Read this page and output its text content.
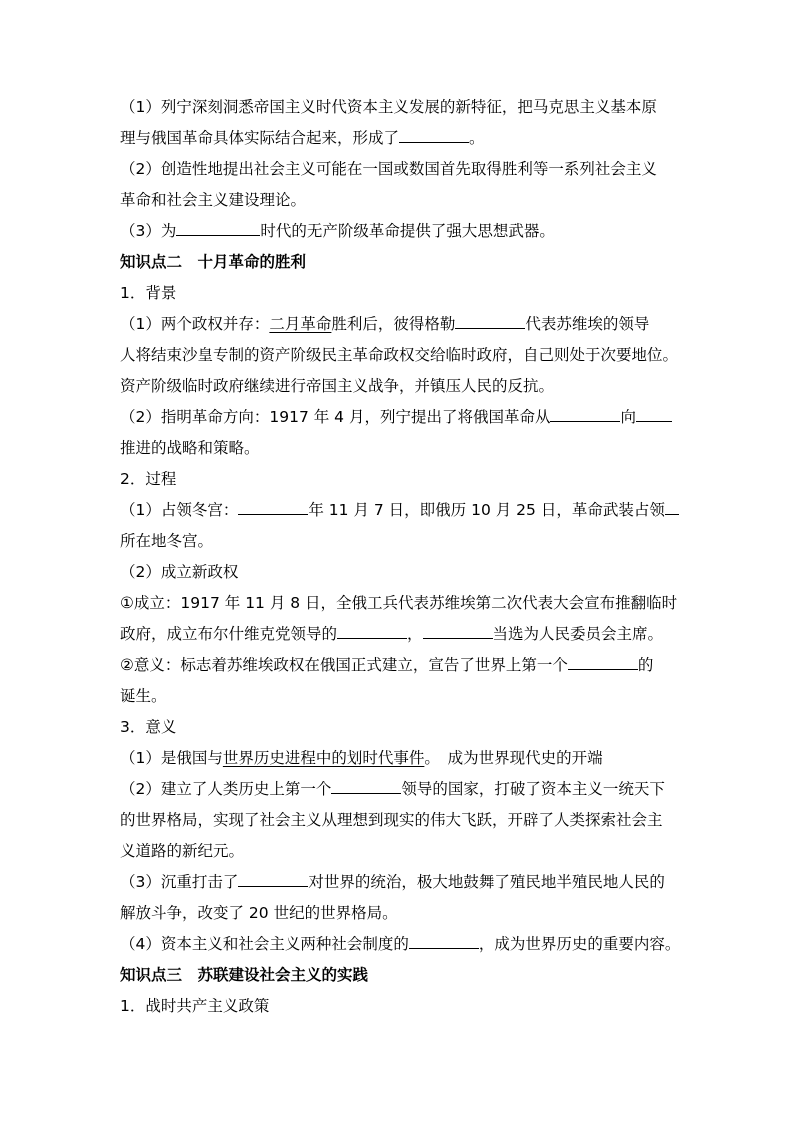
（1）列宁深刻洞悉帝国主义时代资本主义发展的新特征，把马克思主义基本原
理与俄国革命具体实际结合起来，形成了	。
（2）创造性地提出社会主义可能在一国或数国首先取得胜利等一系列社会主义
革命和社会主义建设理论。
（3）为	时代的无产阶级革命提供了强大思想武器。
知识点二　十月革命的胜利
1．背景
（1）两个政权并存：二月革命胜利后，彼得格勒	代表苏维埃的领导
人将结束沙皇专制的资产阶级民主革命政权交给临时政府，自己则处于次要地位。
资产阶级临时政府继续进行帝国主义战争，并镇压人民的反抗。
（2）指明革命方向：1917 年 4 月，列宁提出了将俄国革命从	向
推进的战略和策略。
2．过程
（1）占领冬宫：	年 11 月 7 日，即俄历 10 月 25 日，革命武装占领
所在地冬宫。
（2）成立新政权
①成立：1917 年 11 月 8 日，全俄工兵代表苏维埃第二次代表大会宣布推翻临时
政府，成立布尔什维克党领导的	，	当选为人民委员会主席。
②意义：标志着苏维埃政权在俄国正式建立，宣告了世界上第一个	的
诞生。
3．意义
（1）是俄国与世界历史进程中的划时代事件。　成为世界现代史的开端
（2）建立了人类历史上第一个	领导的国家，打破了资本主义一统天下
的世界格局，实现了社会主义从理想到现实的伟大飞跃，开辟了人类探索社会主
义道路的新纪元。
（3）沉重打击了	对世界的统治，极大地鼓舞了殖民地半殖民地人民的
解放斗争，改变了 20 世纪的世界格局。
（4）资本主义和社会主义两种社会制度的	，成为世界历史的重要内容。
知识点三　苏联建设社会主义的实践
1．战时共产主义政策
